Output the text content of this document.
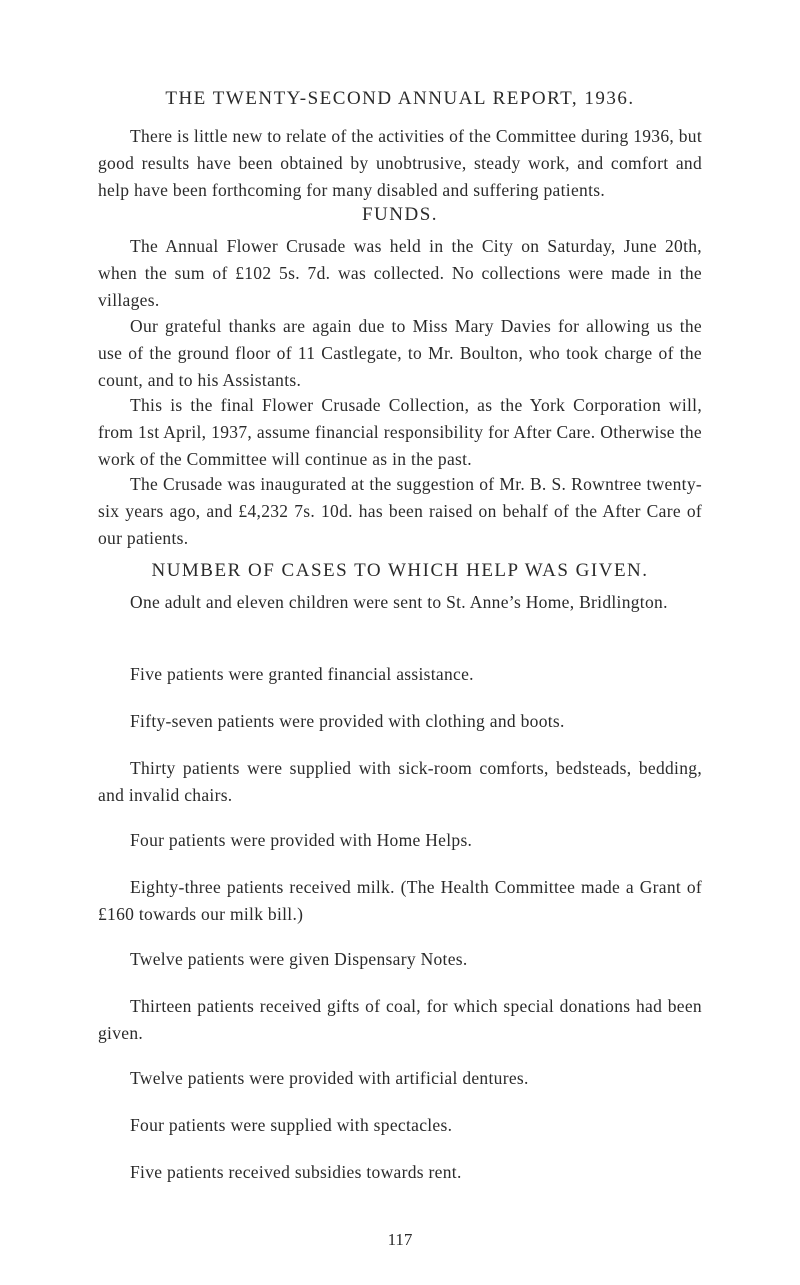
THE TWENTY-SECOND ANNUAL REPORT, 1936.

There is little new to relate of the activities of the Committee during 1936, but good results have been obtained by unobtrusive, steady work, and comfort and help have been forthcoming for many disabled and suffering patients.

FUNDS.

The Annual Flower Crusade was held in the City on Saturday, June 20th, when the sum of £102 5s. 7d. was collected. No collections were made in the villages.

Our grateful thanks are again due to Miss Mary Davies for allowing us the use of the ground floor of 11 Castlegate, to Mr. Boulton, who took charge of the count, and to his Assistants.

This is the final Flower Crusade Collection, as the York Corporation will, from 1st April, 1937, assume financial responsibility for After Care. Otherwise the work of the Committee will continue as in the past.

The Crusade was inaugurated at the suggestion of Mr. B. S. Rowntree twenty-six years ago, and £4,232 7s. 10d. has been raised on behalf of the After Care of our patients.

NUMBER OF CASES TO WHICH HELP WAS GIVEN.

One adult and eleven children were sent to St. Anne’s Home, Bridlington.

Five patients were granted financial assistance.

Fifty-seven patients were provided with clothing and boots.

Thirty patients were supplied with sick-room comforts, bedsteads, bedding, and invalid chairs.

Four patients were provided with Home Helps.

Eighty-three patients received milk. (The Health Committee made a Grant of £160 towards our milk bill.)

Twelve patients were given Dispensary Notes.

Thirteen patients received gifts of coal, for which special donations had been given.

Twelve patients were provided with artificial dentures.

Four patients were supplied with spectacles.

Five patients received subsidies towards rent.

117
